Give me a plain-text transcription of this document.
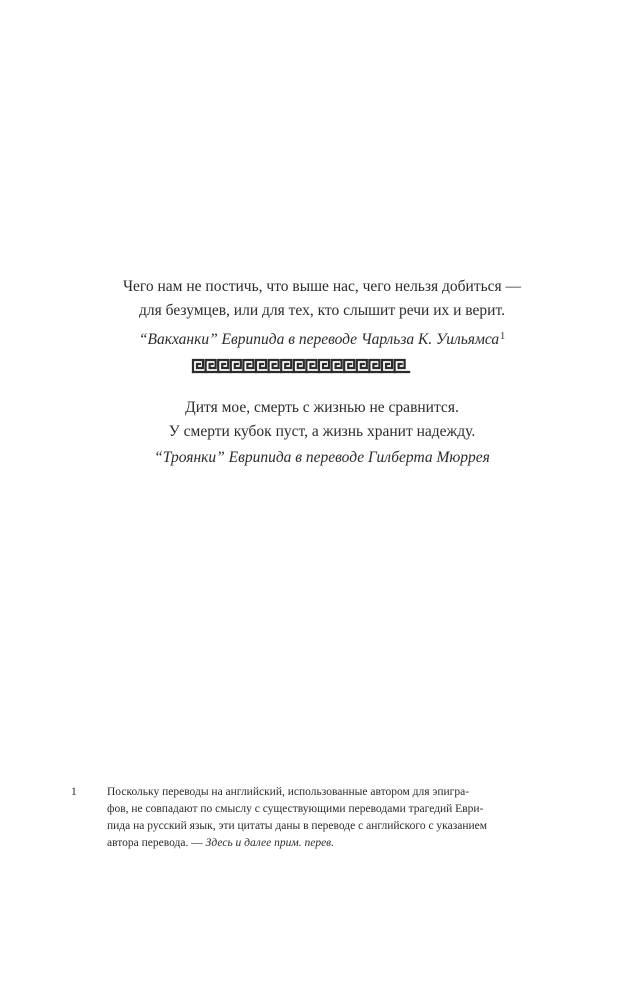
Чего нам не постичь, что выше нас, чего нельзя добиться —
для безумцев, или для тех, кто слышит речи их и верит.
“Вакханки” Еврипида в переводе Чарльза К. Уильямса$^1$
Дитя мое, смерть с жизнью не сравнится.
У смерти кубок пуст, а жизнь хранит надежду.
“Троянки” Еврипида в переводе Гилберта Мюррея
1	Поскольку переводы на английский, использованные автором для эпигра-
фов, не совпадают по смыслу с существующими переводами трагедий Еври-
пида на русский язык, эти цитаты даны в переводе с английского с указанием
автора перевода. — Здесь и далее прим. перев.
